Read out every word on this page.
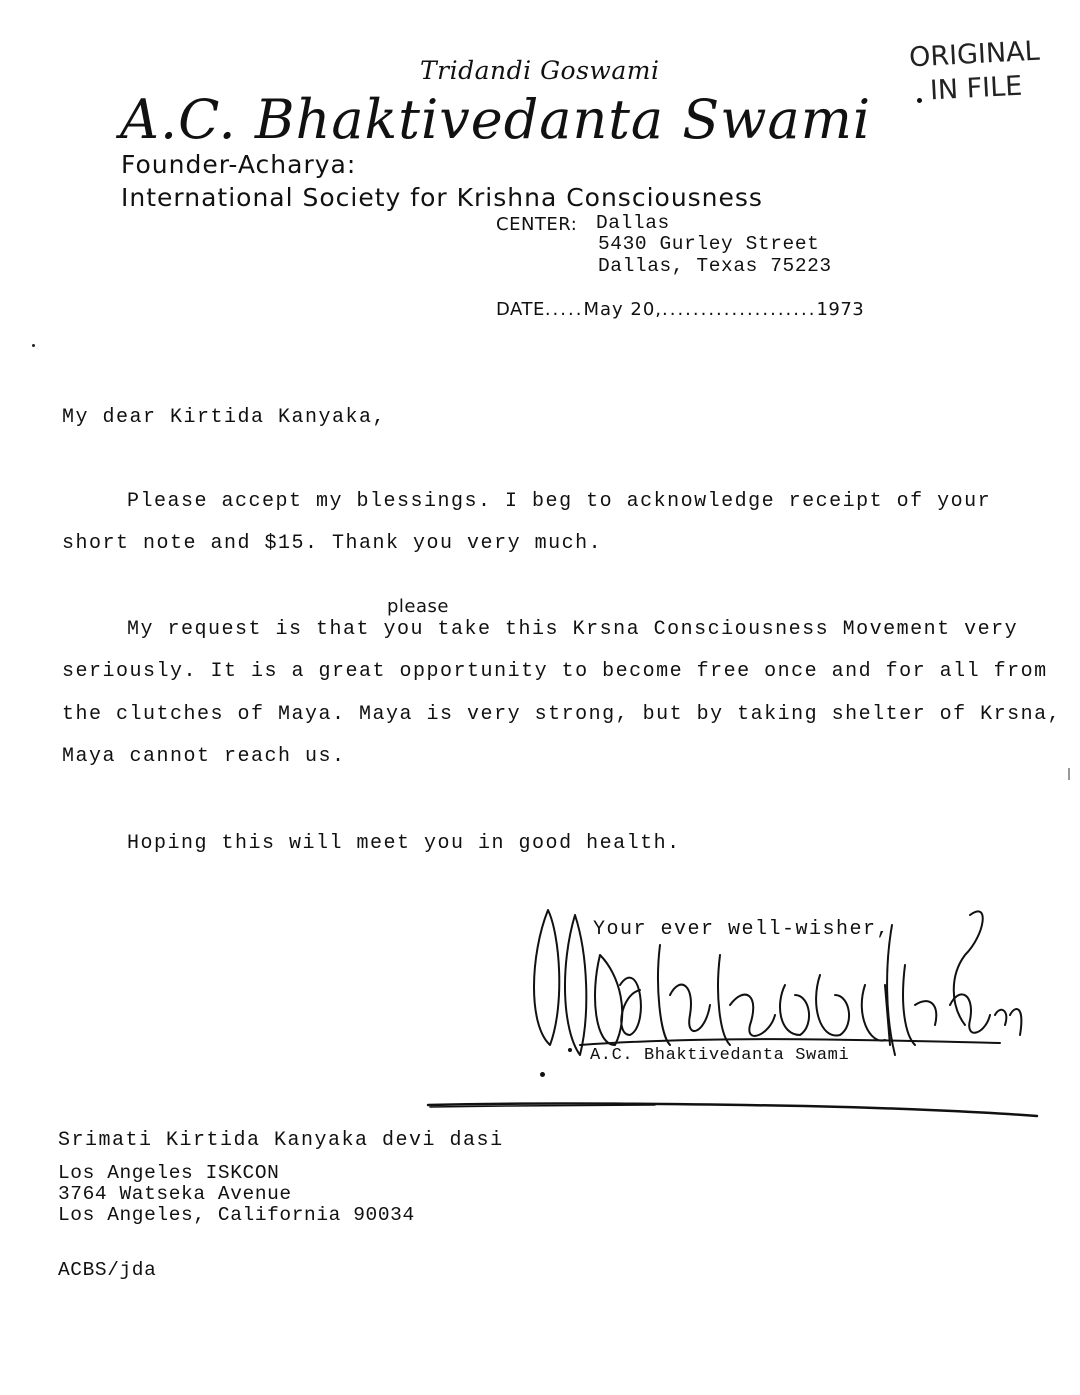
Tridandi Goswami
A.C. Bhaktivedanta Swami
Founder-Acharya:
International Society for Krishna Consciousness
ORIGINAL
IN FILE
CENTER: Dallas
5430 Gurley Street
Dallas, Texas 75223
DATE.....May 20,....................1973
My dear Kirtida Kanyaka,
Please accept my blessings. I beg to acknowledge receipt of your
short note and $15. Thank you very much.
please
My request is that you take this Krsna Consciousness Movement very
seriously. It is a great opportunity to become free once and for all from
the clutches of Maya. Maya is very strong, but by taking shelter of Krsna,
Maya cannot reach us.
Hoping this will meet you in good health.
Your ever well-wisher,
A.C. Bhaktivedanta Swami
Srimati Kirtida Kanyaka devi dasi
Los Angeles ISKCON
3764 Watseka Avenue
Los Angeles, California 90034
ACBS/jda
